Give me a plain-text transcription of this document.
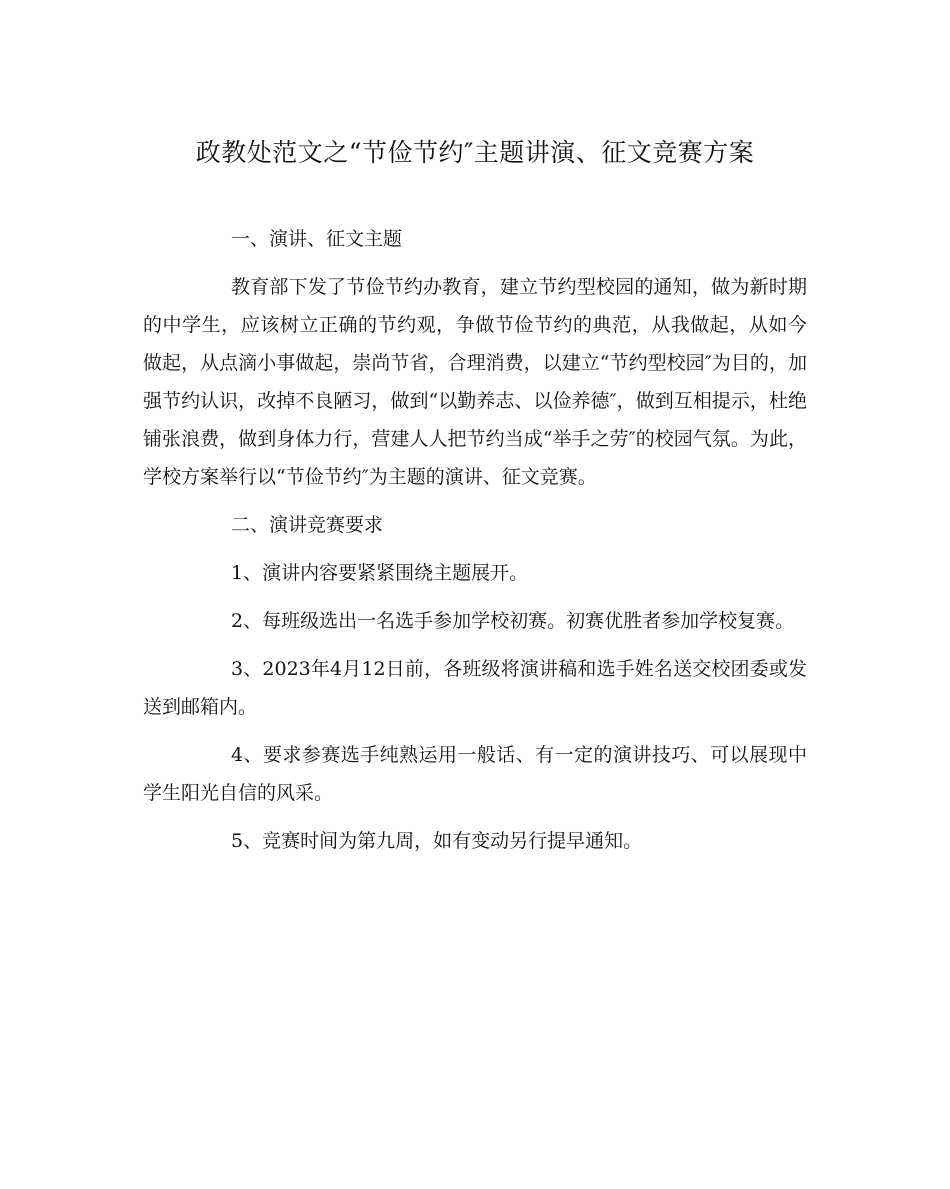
政教处范文之“节俭节约″主题讲演、征文竞赛方案

一、演讲、征文主题

教育部下发了节俭节约办教育，建立节约型校园的通知，做为新时期的中学生，应该树立正确的节约观，争做节俭节约的典范，从我做起，从如今做起，从点滴小事做起，崇尚节省，合理消费，以建立“节约型校园″为目的，加强节约认识，改掉不良陋习，做到“以勤养志、以俭养德″，做到互相提示，杜绝铺张浪费，做到身体力行，营建人人把节约当成“举手之劳″的校园气氛。为此，学校方案举行以“节俭节约″为主题的演讲、征文竞赛。

二、演讲竞赛要求

1、演讲内容要紧紧围绕主题展开。

2、每班级选出一名选手参加学校初赛。初赛优胜者参加学校复赛。

3、2023年4月12日前，各班级将演讲稿和选手姓名送交校团委或发送到邮箱内。

4、要求参赛选手纯熟运用一般话、有一定的演讲技巧、可以展现中学生阳光自信的风采。

5、竞赛时间为第九周，如有变动另行提早通知。
